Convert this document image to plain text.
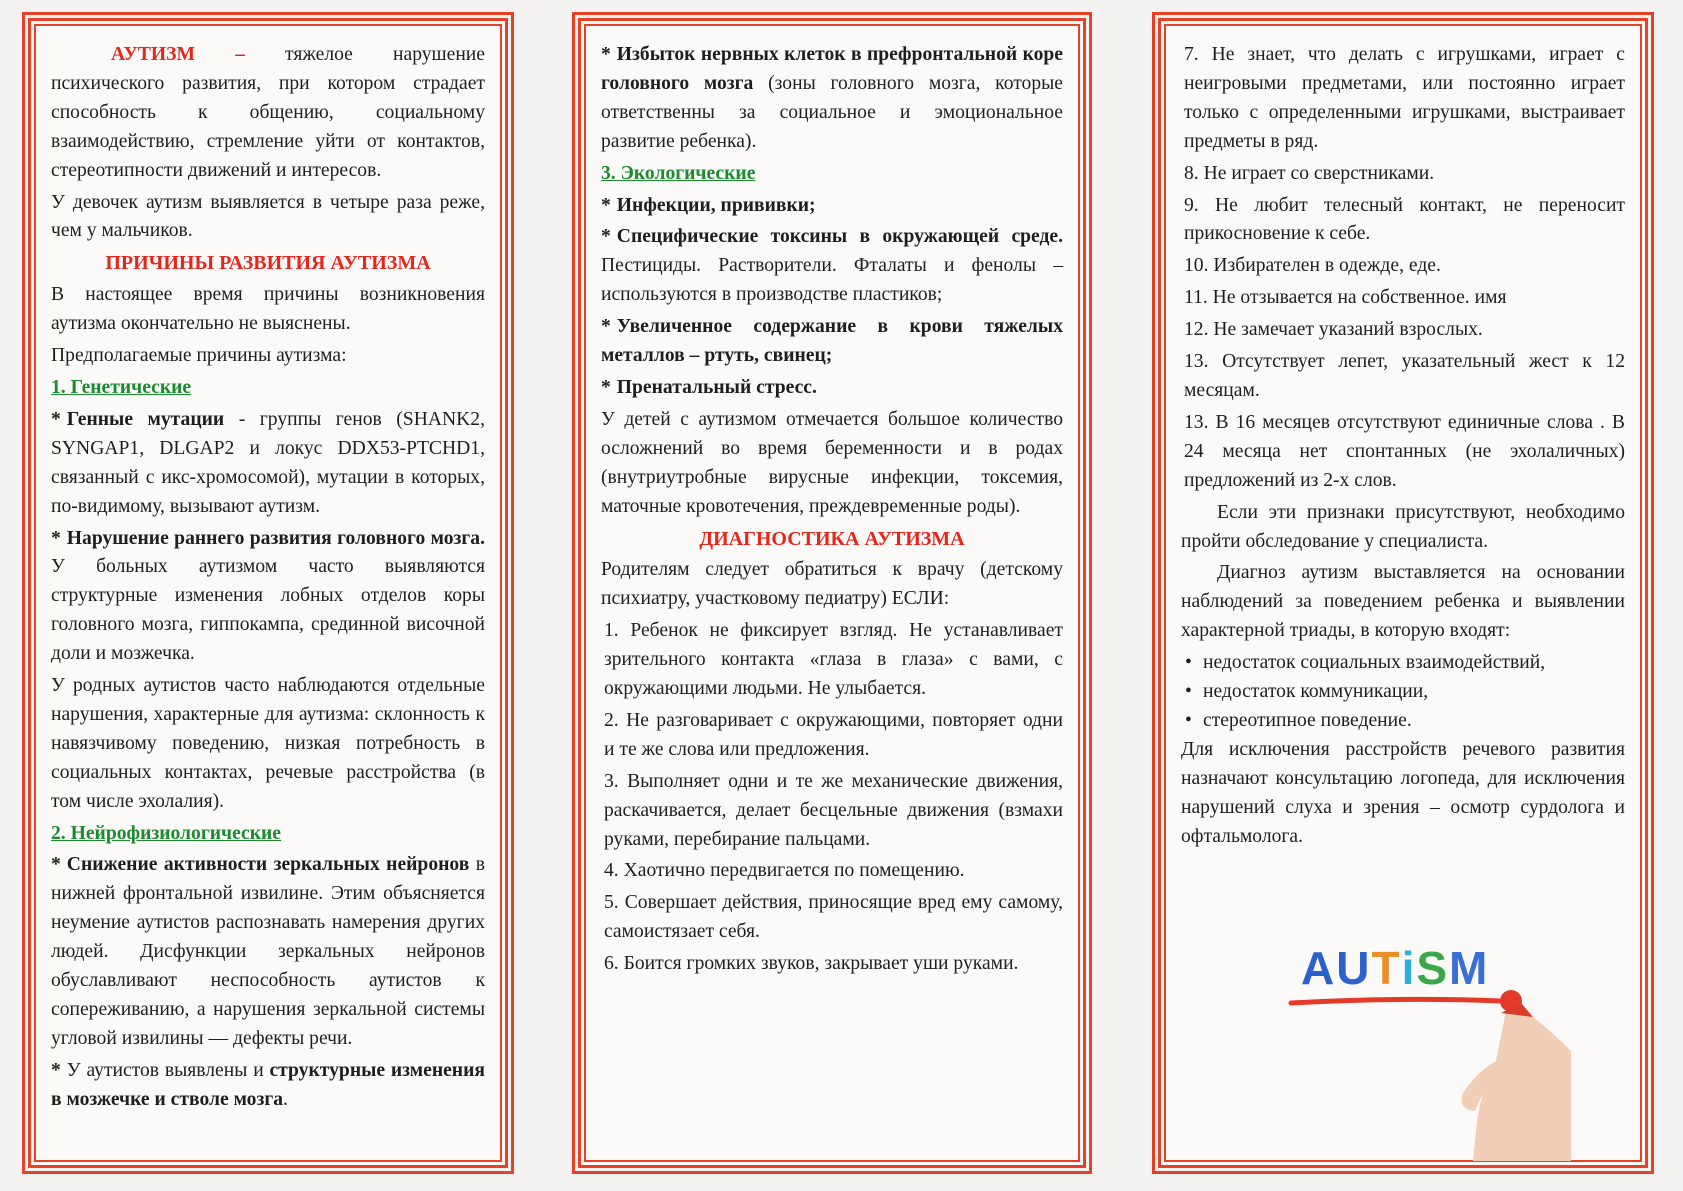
АУТИЗМ – тяжелое нарушение психического развития, при котором страдает способность к общению, социальному взаимодействию, стремление уйти от контактов, стереотипности движений и интересов.

У девочек аутизм выявляется в четыре раза реже, чем у мальчиков.

ПРИЧИНЫ РАЗВИТИЯ АУТИЗМА

В настоящее время причины возникновения аутизма окончательно не выяснены.

Предполагаемые причины аутизма:

1. Генетические

* Генные мутации - группы генов (SHANK2, SYNGAP1, DLGAP2 и локус DDX53-PTCHD1, связанный с икс-хромосомой), мутации в которых, по-видимому, вызывают аутизм.

* Нарушение раннего развития головного мозга. У больных аутизмом часто выявляются структурные изменения лобных отделов коры головного мозга, гиппокампа, срединной височной доли и мозжечка.

У родных аутистов часто наблюдаются отдельные нарушения, характерные для аутизма: склонность к навязчивому поведению, низкая потребность в социальных контактах, речевые расстройства (в том числе эхолалия).

2. Нейрофизиологические

* Снижение активности зеркальных нейронов в нижней фронтальной извилине. Этим объясняется неумение аутистов распознавать намерения других людей. Дисфункции зеркальных нейронов обуславливают неспособность аутистов к сопереживанию, а нарушения зеркальной системы угловой извилины — дефекты речи.

* У аутистов выявлены и структурные изменения в мозжечке и стволе мозга.

* Избыток нервных клеток в префронтальной коре головного мозга (зоны головного мозга, которые ответственны за социальное и эмоциональное развитие ребенка).

3. Экологические

* Инфекции, прививки;

* Специфические токсины в окружающей среде. Пестициды. Растворители. Фталаты и фенолы – используются в производстве пластиков;

* Увеличенное содержание в крови тяжелых металлов – ртуть, свинец;

* Пренатальный стресс.

У детей с аутизмом отмечается большое количество осложнений во время беременности и в родах (внутриутробные вирусные инфекции, токсемия, маточные кровотечения, преждевременные роды).

ДИАГНОСТИКА АУТИЗМА

Родителям следует обратиться к врачу (детскому психиатру, участковому педиатру) ЕСЛИ:

1. Ребенок не фиксирует взгляд. Не устанавливает зрительного контакта «глаза в глаза» с вами, с окружающими людьми. Не улыбается.

2. Не разговаривает с окружающими, повторяет одни и те же слова или предложения.

3. Выполняет одни и те же механические движения, раскачивается, делает бесцельные движения (взмахи руками, перебирание пальцами.

4. Хаотично передвигается по помещению.

5. Совершает действия, приносящие вред ему самому, самоистязает себя.

6. Боится громких звуков, закрывает уши руками.

7. Не знает, что делать с игрушками, играет с неигровыми предметами, или постоянно играет только с определенными игрушками, выстраивает предметы в ряд.

8. Не играет со сверстниками.

9. Не любит телесный контакт, не переносит прикосновение к себе.

10. Избирателен в одежде, еде.

11. Не отзывается на собственное. имя

12. Не замечает указаний взрослых.

13. Отсутствует лепет, указательный жест к 12 месяцам.

13. В 16 месяцев отсутствуют единичные слова . В 24 месяца нет спонтанных (не эхолаличных) предложений из 2-х слов.

Если эти признаки присутствуют, необходимо пройти обследование у специалиста.

Диагноз аутизм выставляется на основании наблюдений за поведением ребенка и выявлении характерной триады, в которую входят:

• недостаток социальных взаимодействий,
• недостаток коммуникации,
• стереотипное поведение.

Для исключения расстройств речевого развития назначают консультацию логопеда, для исключения нарушений слуха и зрения – осмотр сурдолога и офтальмолога.

AUTiSM
